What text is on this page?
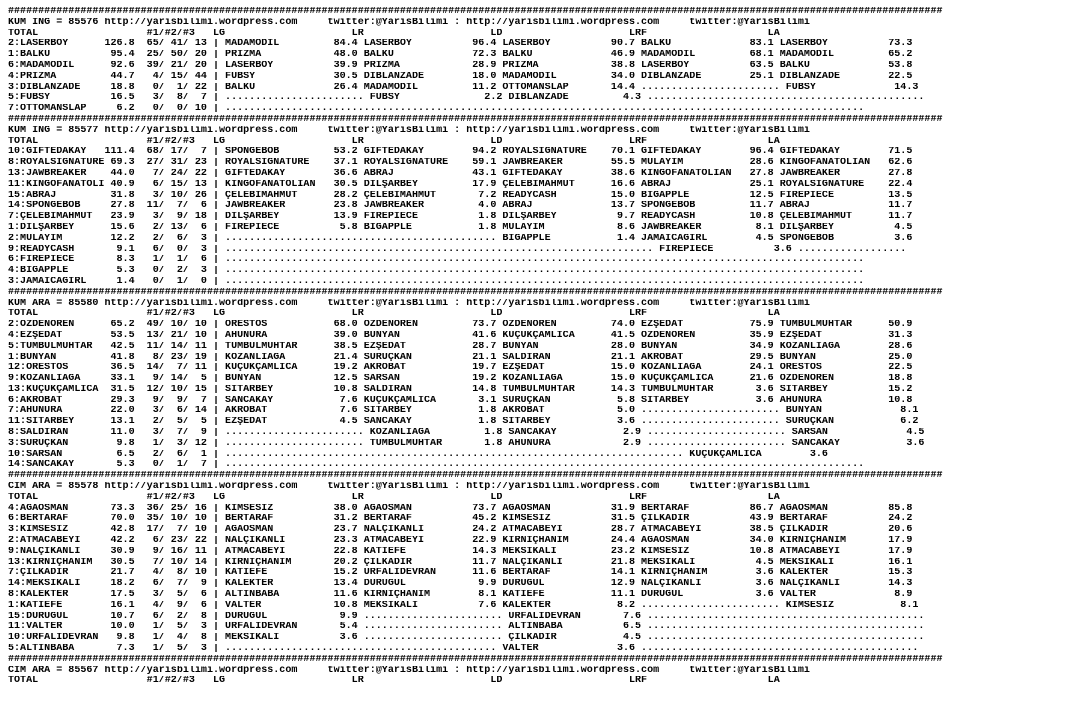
###########################################################################################################################################################
KUM ING = 85576 http://yarisbilimi.wordpress.com     twitter:@YarisBilimi : http://yarisbilimi.wordpress.com     twitter:@YarisBilimi
TOTAL                  #1/#2/#3   LG                     LR                     LD                     LRF                    LA
2:LASERBOY      126.8  65/ 41/ 13 | MADAMODİL         84.4 LASERBOY          96.4 LASERBOY          90.7 BALKU             83.1 LASERBOY          73.3
1:BALKU          95.4  25/ 50/ 20 | PRİZMA            48.0 BALKU             72.3 BALKU             46.9 MADAMODİL         68.1 MADAMODİL         65.2
6:MADAMODİL      92.6  39/ 21/ 20 | LASERBOY          39.9 PRİZMA            28.9 PRİZMA            38.8 LASERBOY          63.5 BALKU             53.8
4:PRİZMA         44.7   4/ 15/ 44 | FUBSY             30.5 DİBLANZADE        18.0 MADAMODİL         34.0 DİBLANZADE        25.1 DİBLANZADE        22.5
3:DİBLANZADE     18.8   0/  1/ 22 | BALKU             26.4 MADAMODİL         11.2 OTTOMANSLAP       14.4 ....................... FUBSY             14.3
5:FUBSY          16.5   3/  8/  7 | ....................... FUBSY              2.2 DİBLANZADE         4.3 ..............................................
7:OTTOMANSLAP     6.2   0/  0/ 10 | ..........................................................................................................
###########################################################################################################################################################
KUM ING = 85577 http://yarisbilimi.wordpress.com     twitter:@YarisBilimi : http://yarisbilimi.wordpress.com     twitter:@YarisBilimi
TOTAL                  #1/#2/#3   LG                     LR                     LD                     LRF                    LA
10:GIFTEDAKAY   111.4  68/ 17/  7 | SPONGEBOB         53.2 GIFTEDAKAY        94.2 ROYALSIGNATURE    70.1 GIFTEDAKAY        96.4 GIFTEDAKAY        71.5
8:ROYALSIGNATURE 69.3  27/ 31/ 23 | ROYALSIGNATURE    37.1 ROYALSIGNATURE    59.1 JAWBREAKER        55.5 MÜLAYİM           28.6 KINGOFANATOLIAN   62.6
13:JAWBREAKER    44.0   7/ 24/ 22 | GIFTEDAKAY        36.6 ABRAJ             43.1 GIFTEDAKAY        38.6 KINGOFANATOLIAN   27.8 JAWBREAKER        27.8
11:KINGOFANATOLI 40.9   6/ 15/ 13 | KINGOFANATOLIAN   30.5 DİLŞARBEY         17.9 ÇELEBİMAHMUT      16.6 ABRAJ             25.1 ROYALSIGNATURE    22.4
15:ABRAJ         31.8   3/ 10/ 26 | ÇELEBİMAHMUT      28.2 ÇELEBİMAHMUT       7.2 READYCASH         15.0 BIGAPPLE          12.5 FIREPIECE         13.5
14:SPONGEBOB     27.8  11/  7/  6 | JAWBREAKER        23.8 JAWBREAKER         4.0 ABRAJ             13.7 SPONGEBOB         11.7 ABRAJ             11.7
7:ÇELEBİMAHMUT   23.9   3/  9/ 18 | DİLŞARBEY         13.9 FIREPIECE          1.8 DİLŞARBEY          9.7 READYCASH         10.8 ÇELEBİMAHMUT      11.7
1:DİLŞARBEY      15.6   2/ 13/  6 | FIREPIECE          5.8 BIGAPPLE           1.8 MÜLAYİM            8.6 JAWBREAKER         8.1 DİLŞARBEY          4.5
2:MÜLAYİM        12.2   2/  6/  3 | ............................................. BIGAPPLE           1.4 JAMAICAGIRL        4.5 SPONGEBOB          3.6
9:READYCASH       9.1   6/  0/  3 | ....................................................................... FIREPIECE          3.6 ..................
6:FIREPIECE       8.3   1/  1/  6 | ..........................................................................................................
4:BIGAPPLE        5.3   0/  2/  3 | ..........................................................................................................
3:JAMAICAGIRL     1.4   0/  1/  0 | ..........................................................................................................
###########################################################################################################################################################
KUM ARA = 85580 http://yarisbilimi.wordpress.com     twitter:@YarisBilimi : http://yarisbilimi.wordpress.com     twitter:@YarisBilimi
TOTAL                  #1/#2/#3   LG                     LR                     LD                     LRF                    LA
2:ÖZDENÖREN      65.2  49/ 10/ 10 | ORESTOS           68.0 ÖZDENÖREN         73.7 ÖZDENÖREN         74.0 EZŞEDAT           75.9 TUMBULMUHTAR      50.9
4:EZŞEDAT        53.5  13/ 21/ 10 | AHUNURA           39.0 BÜNYAN            41.6 KÜÇÜKÇAMLICA      41.5 ÖZDENÖREN         35.9 EZŞEDAT           31.3
5:TUMBULMUHTAR   42.5  11/ 14/ 11 | TUMBULMUHTAR      38.5 EZŞEDAT           28.7 BÜNYAN            28.0 BÜNYAN            34.9 KOZANLIAĞA        28.6
1:BÜNYAN         41.8   8/ 23/ 19 | KOZANLIAĞA        21.4 SURUÇKAN          21.1 SALDIRAN          21.1 AKROBAT           29.5 BÜNYAN            25.0
12:ORESTOS       36.5  14/  7/ 11 | KÜÇÜKÇAMLICA      19.2 AKROBAT           19.7 EZŞEDAT           15.0 KOZANLIAĞA        24.1 ORESTOS           22.5
9:KOZANLIAĞA     33.1   9/ 14/  5 | BÜNYAN            12.5 SARSAN            19.2 KOZANLIAĞA        15.0 KÜÇÜKÇAMLICA      21.6 ÖZDENÖREN         18.8
13:KÜÇÜKÇAMLICA  31.5  12/ 10/ 15 | SİTARBEY          10.8 SALDIRAN          14.8 TUMBULMUHTAR      14.3 TUMBULMUHTAR       3.6 SİTARBEY          15.2
6:AKROBAT        29.3   9/  9/  7 | SANCAKAY           7.6 KÜÇÜKÇAMLICA       3.1 SURUÇKAN           5.8 SİTARBEY           3.6 AHUNURA           10.8
7:AHUNURA        22.0   3/  6/ 14 | AKROBAT            7.6 SİTARBEY           1.8 AKROBAT            5.0 ....................... BÜNYAN             8.1
11:SİTARBEY      13.1   2/  5/  5 | EZŞEDAT            4.5 SANCAKAY           1.8 SİTARBEY           3.6 ....................... SURUÇKAN           6.2
8:SALDIRAN       11.0   3/  7/  9 | ....................... KOZANLIAĞA         1.8 SANCAKAY           2.9 ....................... SARSAN             4.5
3:SURUÇKAN        9.8   1/  3/ 12 | ....................... TUMBULMUHTAR       1.8 AHUNURA            2.9 ....................... SANCAKAY           3.6
10:SARSAN         6.5   2/  6/  1 | ............................................................................ KÜÇÜKÇAMLICA        3.6
14:SANCAKAY       5.3   0/  1/  7 | ..........................................................................................................
###########################################################################################################################################################
CIM ARA = 85578 http://yarisbilimi.wordpress.com     twitter:@YarisBilimi : http://yarisbilimi.wordpress.com     twitter:@YarisBilimi
TOTAL                  #1/#2/#3   LG                     LR                     LD                     LRF                    LA
4:AĞAOSMAN       73.3  36/ 25/ 16 | KİMSESİZ          38.0 AĞAOSMAN          73.7 AĞAOSMAN          31.9 BERTARAF          86.7 AĞAOSMAN          85.8
6:BERTARAF       70.0  35/ 10/ 10 | BERTARAF          31.2 BERTARAF          45.2 KİMSESİZ          31.5 ÇİLKADIR          43.9 BERTARAF          24.2
3:KİMSESİZ       42.8  17/  7/ 10 | AĞAOSMAN          23.7 NALÇIKANLI        24.2 ATMACABEYİ        28.7 ATMACABEYİ        38.5 ÇİLKADIR          20.6
2:ATMACABEYİ     42.2   6/ 23/ 22 | NALÇIKANLI        23.3 ATMACABEYİ        22.9 KIRNIÇHANIM       24.4 AĞAOSMAN          34.0 KIRNIÇHANIM       17.9
9:NALÇIKANLI     30.9   9/ 16/ 11 | ATMACABEYİ        22.8 KATİEFE           14.3 MEKSİKALI         23.2 KİMSESİZ          10.8 ATMACABEYİ        17.9
13:KIRNIÇHANIM   30.5   7/ 10/ 14 | KIRNIÇHANIM       20.2 ÇİLKADIR          11.7 NALÇIKANLI        21.8 MEKSİKALI          4.5 MEKSİKALI         16.1
7:ÇİLKADIR       21.7   4/  8/ 10 | KATİEFE           15.2 URFALİDEVRAN      11.6 BERTARAF          14.1 KIRNIÇHANIM        3.6 KALEKTER          15.3
14:MEKSİKALI     18.2   6/  7/  9 | KALEKTER          13.4 DURUGÜL            9.9 DURUGÜL           12.9 NALÇIKANLI         3.6 NALÇIKANLI        14.3
8:KALEKTER       17.5   3/  5/  6 | ALTINBABA         11.6 KIRNIÇHANIM        8.1 KATİEFE           11.1 DURUGÜL            3.6 VALTER             8.9
1:KATİEFE        16.1   4/  9/  6 | VALTER            10.8 MEKSİKALI          7.6 KALEKTER           8.2 ....................... KİMSESİZ           8.1
15:DURUGÜL       10.7   6/  2/  8 | DURUGÜL            9.9 ....................... URFALİDEVRAN       7.6 ..............................................
11:VALTER        10.0   1/  5/  3 | URFALİDEVRAN       5.4 ....................... ALTINBABA          6.5 ..............................................
10:URFALİDEVRAN   9.8   1/  4/  8 | MEKSİKALI          3.6 ....................... ÇİLKADIR           4.5 ..............................................
5:ALTINBABA       7.3   1/  5/  3 | ............................................. VALTER             3.6 ..............................................
###########################################################################################################################################################
CIM ARA = 85567 http://yarisbilimi.wordpress.com     twitter:@YarisBilimi : http://yarisbilimi.wordpress.com     twitter:@YarisBilimi
TOTAL                  #1/#2/#3   LG                     LR                     LD                     LRF                    LA
